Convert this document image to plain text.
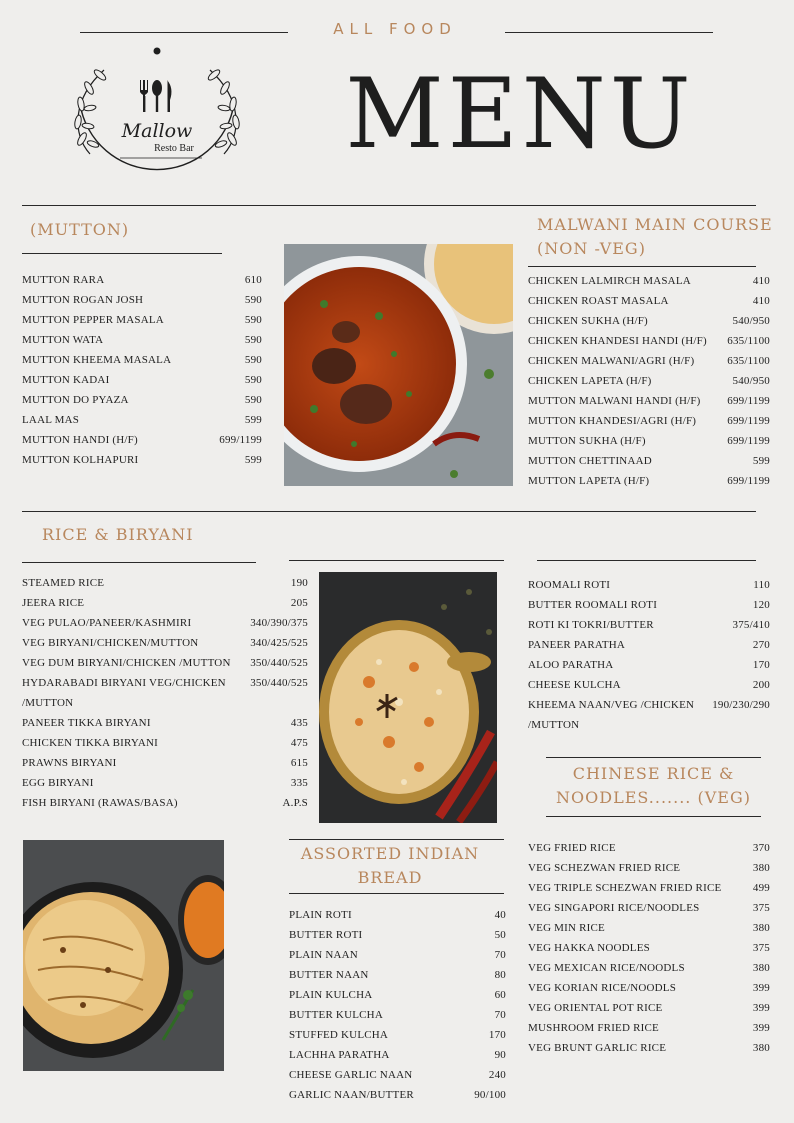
ALL FOOD
Mallow
Resto Bar MENU
(MUTTON)
MUTTON RARA	610
MUTTON ROGAN JOSH	590
MUTTON PEPPER MASALA	590
MUTTON WATA	590
MUTTON KHEEMA MASALA	590
MUTTON KADAI	590
MUTTON DO PYAZA	590
LAAL MAS	599
MUTTON HANDI (H/F)	699/1199
MUTTON KOLHAPURI	599
MALWANI MAIN COURSE
(NON -VEG)
CHICKEN LALMIRCH MASALA	410
CHICKEN ROAST MASALA	410
CHICKEN SUKHA (H/F)	540/950
CHICKEN KHANDESI HANDI (H/F)	635/1100
CHICKEN MALWANI/AGRI (H/F)	635/1100
CHICKEN LAPETA (H/F)	540/950
MUTTON MALWANI HANDI (H/F)	699/1199
MUTTON KHANDESI/AGRI (H/F)	699/1199
MUTTON SUKHA (H/F)	699/1199
MUTTON CHETTINAAD	599
MUTTON LAPETA (H/F)	699/1199
RICE & BIRYANI
STEAMED RICE	190
JEERA RICE	205
VEG PULAO/PANEER/KASHMIRI	340/390/375
VEG BIRYANI/CHICKEN/MUTTON	340/425/525
VEG DUM BIRYANI/CHICKEN /MUTTON	350/440/525
HYDARABADI BIRYANI VEG/CHICKEN /MUTTON
350/440/525
PANEER TIKKA BIRYANI	435
CHICKEN TIKKA BIRYANI	475
PRAWNS BIRYANI	615
EGG BIRYANI	335
FISH BIRYANI (RAWAS/BASA)	A.P.S
ROOMALI ROTI	110
BUTTER ROOMALI ROTI	120
ROTI KI TOKRI/BUTTER	375/410
PANEER PARATHA	270
ALOO PARATHA	170
CHEESE KULCHA	200
KHEEMA NAAN/VEG /CHICKEN /MUTTON
190/230/290
CHINESE RICE &
NOODLES....... (VEG)
VEG FRIED RICE	370
VEG SCHEZWAN FRIED RICE	380
VEG TRIPLE SCHEZWAN FRIED RICE	499
VEG SINGAPORI RICE/NOODLES	375
VEG MIN RICE	380
VEG HAKKA NOODLES	375
VEG MEXICAN RICE/NOODLS	380
VEG KORIAN RICE/NOODLS	399
VEG ORIENTAL POT RICE	399
MUSHROOM FRIED RICE	399
VEG BRUNT GARLIC RICE	380
ASSORTED INDIAN
BREAD
PLAIN ROTI	40
BUTTER ROTI	50
PLAIN NAAN	70
BUTTER NAAN	80
PLAIN KULCHA	60
BUTTER KULCHA	70
STUFFED KULCHA	170
LACHHA PARATHA	90
CHEESE GARLIC NAAN	240
GARLIC NAAN/BUTTER	90/100
